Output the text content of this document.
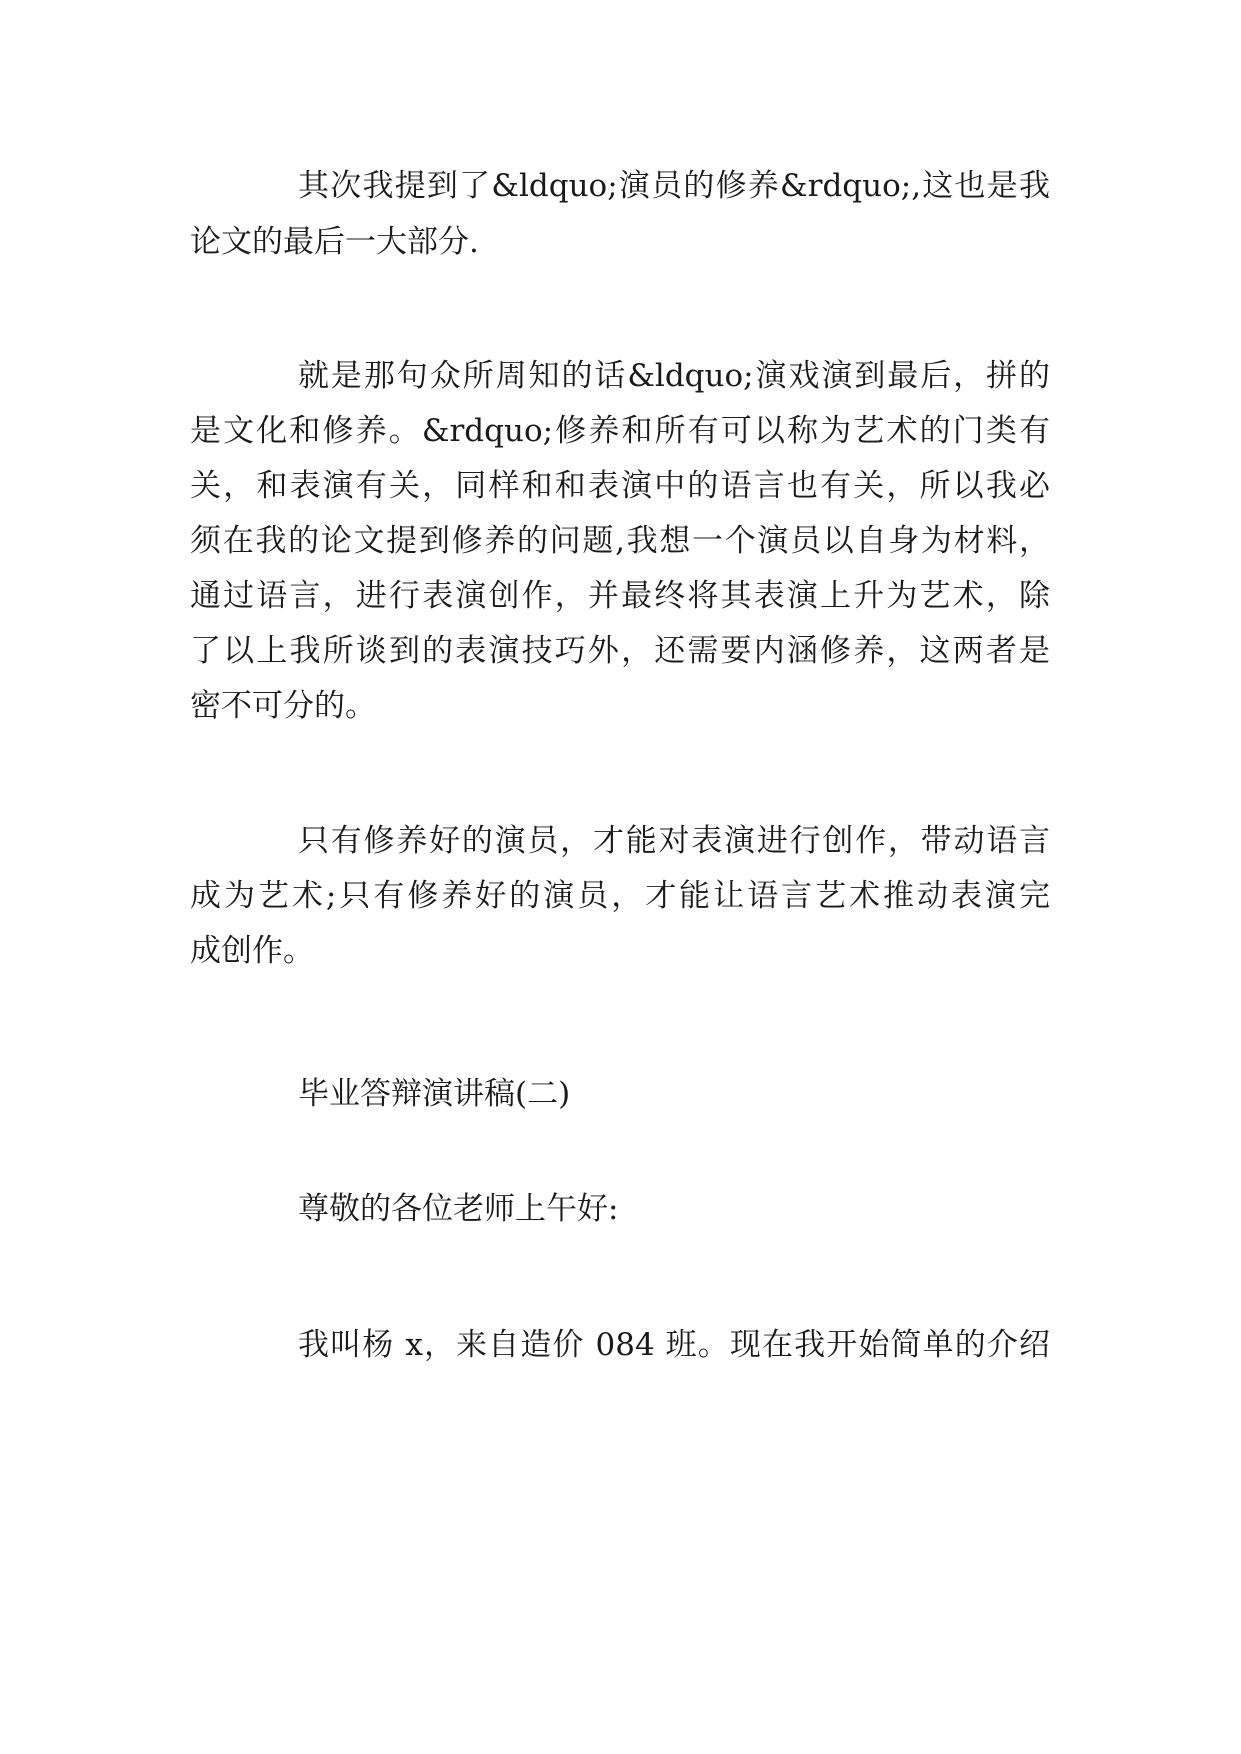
其次我提到了&ldquo;演员的修养&rdquo;,这也是我
论文的最后一大部分.
就是那句众所周知的话&ldquo;演戏演到最后，拼的
是文化和修养。&rdquo;修养和所有可以称为艺术的门类有
关，和表演有关，同样和和表演中的语言也有关，所以我必
须在我的论文提到修养的问题,我想一个演员以自身为材料，
通过语言，进行表演创作，并最终将其表演上升为艺术，除
了以上我所谈到的表演技巧外，还需要内涵修养，这两者是
密不可分的。
只有修养好的演员，才能对表演进行创作，带动语言
成为艺术;只有修养好的演员，才能让语言艺术推动表演完
成创作。
毕业答辩演讲稿(二)
尊敬的各位老师上午好:
我叫杨 x，来自造价 084 班。现在我开始简单的介绍
